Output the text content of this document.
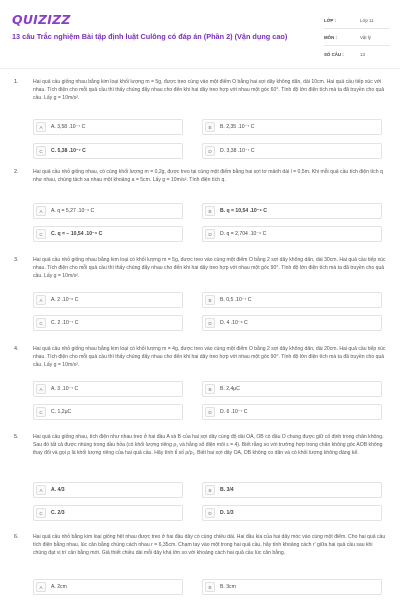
QUIZIZZ
13 câu Trắc nghiệm Bài tập định luật Culông có đáp án (Phần 2) (Vận dụng cao)
LỚP :	Lớp 11
MÔN :	Vật lý
SỐ CÂU :	13
1.	Hai quả cầu giống nhau bằng kim loại khối lượng m = 5g, được treo cùng vào một điểm O bằng hai sợi dây không dãn, dài 10cm. Hai quả cầu tiếp xúc với nhau. Tích điện cho mỗi quả cầu thì thấy chúng đẩy nhau cho đến khi hai dây treo hợp với nhau một góc 60°. Tính độ lớn điện tích mà ta đã truyền cho quả cầu. Lấy g = 10m/s².
A	A. 3,58 .10⁻⁷ C	B	B. 2,35 .10⁻⁷ C
C	C. 5,38 .10⁻⁷ C	D	D. 3,38 .10⁻⁷ C
2.	Hai quả cầu nhỏ giống nhau, có cùng khối lượng m = 0,2g, được treo tại cùng một điểm bằng hai sợi tơ mảnh dài l = 0,5m. Khi mỗi quả cầu tích điện tích q như nhau, chúng tách xa nhau một khoảng a = 5cm. Lấy g = 10m/s². Tính điện tích q.
A	A. q = 5,27 .10⁻⁹ C	B	B. q = 10,54 .10⁻⁹ C
C	C. q = − 10,54 .10⁻⁹ C	D	D. q = 2,704 .10⁻⁹ C
3.	Hai quả cầu nhỏ giống nhau bằng kim loại có khối lượng m = 5g, được treo vào cùng một điểm O bằng 2 sợi dây không dãn, dài 30cm. Hai quả cầu tiếp xúc nhau. Tích điện cho mỗi quả cầu thì thấy chúng đẩy nhau cho đến khi hai dây treo hợp với nhau một góc 90°. Tính độ lớn điện tích mà ta đã truyền cho quả cầu. Lấy g = 10m/s².
A	A. 2 .10⁻⁶ C	B	B. 0,5 .10⁻⁷ C
C	C. 2 .10⁻⁷ C	D	D. 4 .10⁻⁶ C
4.	Hai quả cầu nhỏ giống nhau bằng kim loại có khối lượng m = 4g, được treo vào cùng một điểm O bằng 2 sợi dây không dãn, dài 20cm. Hai quả cầu tiếp xúc nhau. Tích điện cho mỗi quả cầu thì thấy chúng đẩy nhau cho đến khi hai dây treo hợp với nhau một góc 90°. Tính độ lớn điện tích mà ta đã truyền cho quả cầu. Lấy g = 10m/s².
A	A. 3 .10⁻⁷ C	B	B. 2,4μC
C	C. 1,2μC	D	D. 6 .10⁻⁷ C
5.	Hai quả cầu giống nhau, tích điện như nhau treo ở hai đầu A và B của hai sợi dây cùng độ dài OA, OB có đầu O chung được giữ cố định trong chân không. Sau đó tất cả được nhúng trong dầu hỏa (có khối lượng riêng ρ₁ và hằng số điện môi ε = 4). Biết rằng so với trường hợp trong chân không góc AOB không thay đổi và gọi ρ là khối lượng riêng của hai quả cầu. Hãy tính tỉ số ρ/ρ₁. Biết hai sợi dây OA, OB không co dãn và có khối lượng không đáng kể.
A	A. 4/3	B	B. 3/4
C	C. 2/3	D	D. 1/3
6.	Hai quả cầu nhỏ bằng kim loại giống hệt nhau được treo ở hai đầu dây có cùng chiều dài. Hai đầu kia của hai dây móc vào cùng một điểm. Cho hai quả cầu tích điện bằng nhau, lúc cân bằng chúng cách nhau r = 6,35cm. Chạm tay vào một trong hai quả cầu, hãy tính khoảng cách r' giữa hai quả cầu sau khi chúng đạt vị trí cân bằng mới. Giả thiết chiều dài mỗi dây khá lớn so với khoảng cách hai quả cầu lúc cân bằng.
A	A. 2cm	B	B. 3cm
